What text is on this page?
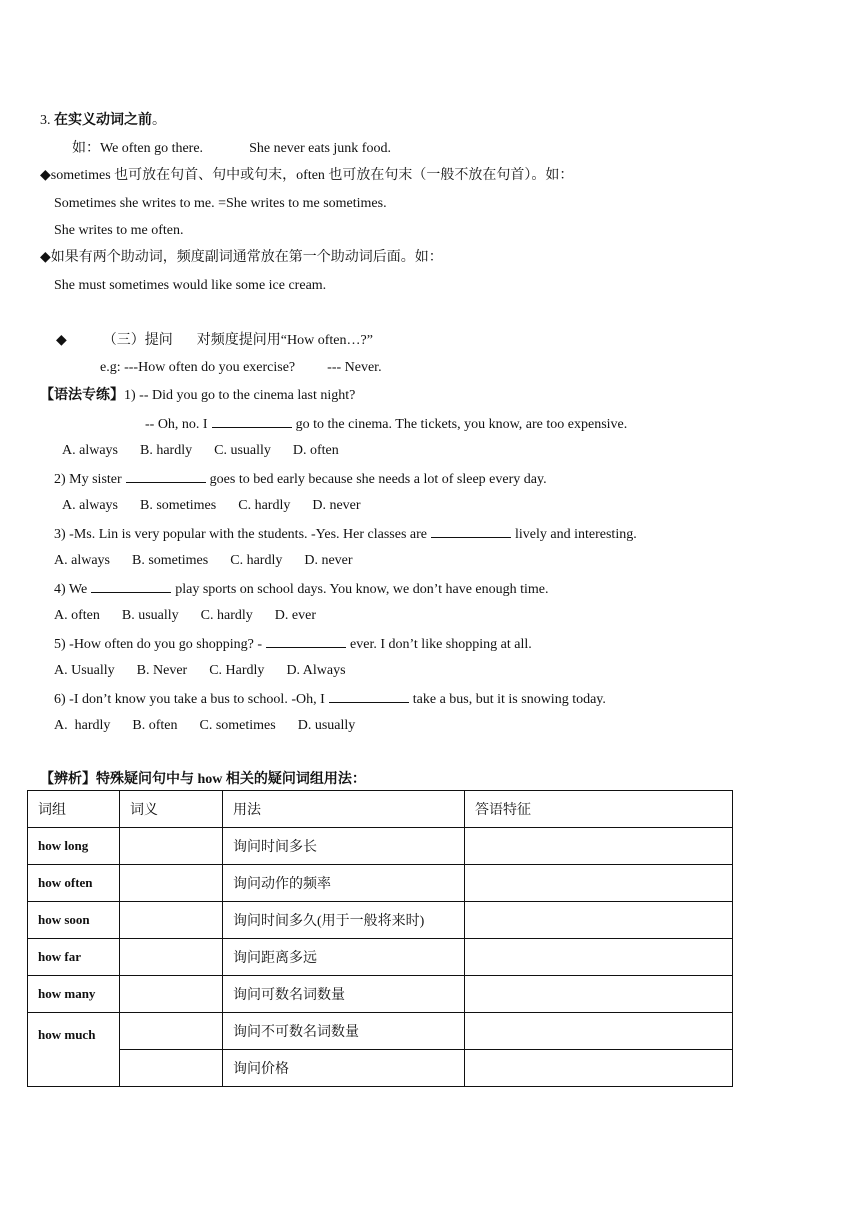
3. 在实义动词之前。
如：We often go there.	She never eats junk food.
◆sometimes 也可放在句首、句中或句末，often 也可放在句末（一般不放在句首）。如：
Sometimes she writes to me. =She writes to me sometimes.
She writes to me often.
◆如果有两个助动词，频度副词通常放在第一个助动词后面。如：
She must sometimes would like some ice cream.
◆	（三）提问 对频度提问用“How often…?”
e.g: ---How often do you exercise? --- Never.
【语法专练】1) -- Did you go to the cinema last night?
-- Oh, no. I	go to the cinema. The tickets, you know, are too expensive.
A. always B. hardly C. usually D. often
2) My sister	goes to bed early because she needs a lot of sleep every day.
A. always B. sometimes C. hardly D. never
3) -Ms. Lin is very popular with the students. -Yes. Her classes are	lively and interesting.
A. always B. sometimes C. hardly D. never
4) We	play sports on school days. You know, we don’t have enough time.
A. often B. usually C. hardly D. ever
5) -How often do you go shopping? -	ever. I don’t like shopping at all.
A. Usually B. Never C. Hardly D. Always
6) -I don’t know you take a bus to school. -Oh, I	take a bus, but it is snowing today.
A.  hardly B. often C. sometimes D. usually
【辨析】特殊疑问句中与 how 相关的疑问词组用法：
词组	词义	用法	答语特征
how long		询问时间多长	
how often		询问动作的频率	
how soon		询问时间多久(用于一般将来时)	
how far		询问距离多远	
how many		询问可数名词数量	
how much		询问不可数名词数量	
		询问价格	
